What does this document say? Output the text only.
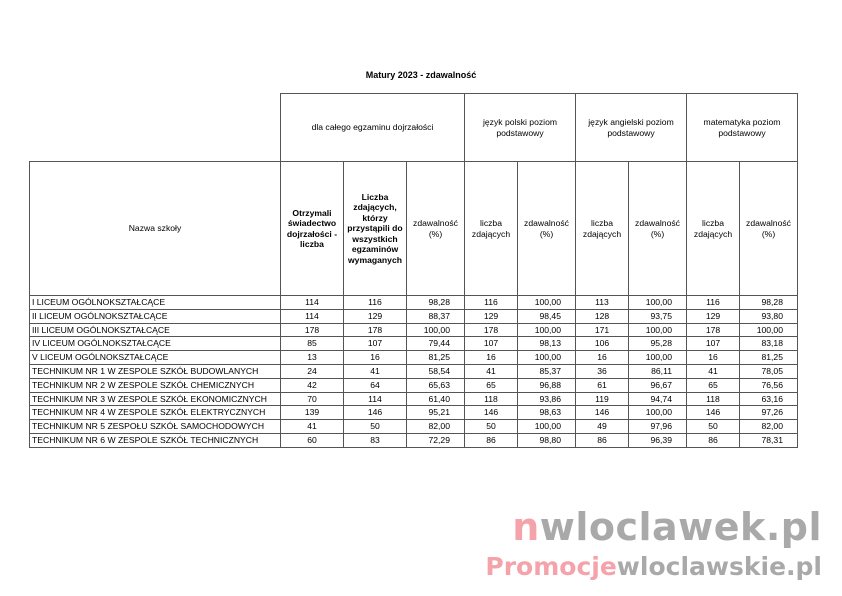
Matury 2023 - zdawalność
	dla całego egzaminu dojrzałości			język polski poziom podstawowy		język angielski poziom podstawowy		matematyka poziom podstawowy	
Nazwa szkoły	Otrzymali świadectwo dojrzałości - liczba	Liczba zdających, którzy przystąpili do wszystkich egzaminów wymaganych	zdawalność (%)	liczba zdających	zdawalność (%)	liczba zdających	zdawalność (%)	liczba zdających	zdawalność (%)
I LICEUM OGÓLNOKSZTAŁCĄCE	114	116	98,28	116	100,00	113	100,00	116	98,28
II LICEUM OGÓLNOKSZTAŁCĄCE	114	129	88,37	129	98,45	128	93,75	129	93,80
III LICEUM OGÓLNOKSZTAŁCĄCE	178	178	100,00	178	100,00	171	100,00	178	100,00
IV LICEUM OGÓLNOKSZTAŁCĄCE	85	107	79,44	107	98,13	106	95,28	107	83,18
V LICEUM OGÓLNOKSZTAŁCĄCE	13	16	81,25	16	100,00	16	100,00	16	81,25
TECHNIKUM NR 1 W ZESPOLE SZKÓŁ BUDOWLANYCH	24	41	58,54	41	85,37	36	86,11	41	78,05
TECHNIKUM NR 2 W ZESPOLE SZKÓŁ CHEMICZNYCH	42	64	65,63	65	96,88	61	96,67	65	76,56
TECHNIKUM NR 3 W ZESPOLE SZKÓŁ EKONOMICZNYCH	70	114	61,40	118	93,86	119	94,74	118	63,16
TECHNIKUM NR 4 W ZESPOLE SZKÓŁ ELEKTRYCZNYCH	139	146	95,21	146	98,63	146	100,00	146	97,26
TECHNIKUM NR 5 ZESPOŁU SZKÓŁ SAMOCHODOWYCH	41	50	82,00	50	100,00	49	97,96	50	82,00
TECHNIKUM NR 6 W ZESPOLE SZKÓŁ TECHNICZNYCH	60	83	72,29	86	98,80	86	96,39	86	78,31
nwloclawek.pl
Promocjewloclawskie.pl
